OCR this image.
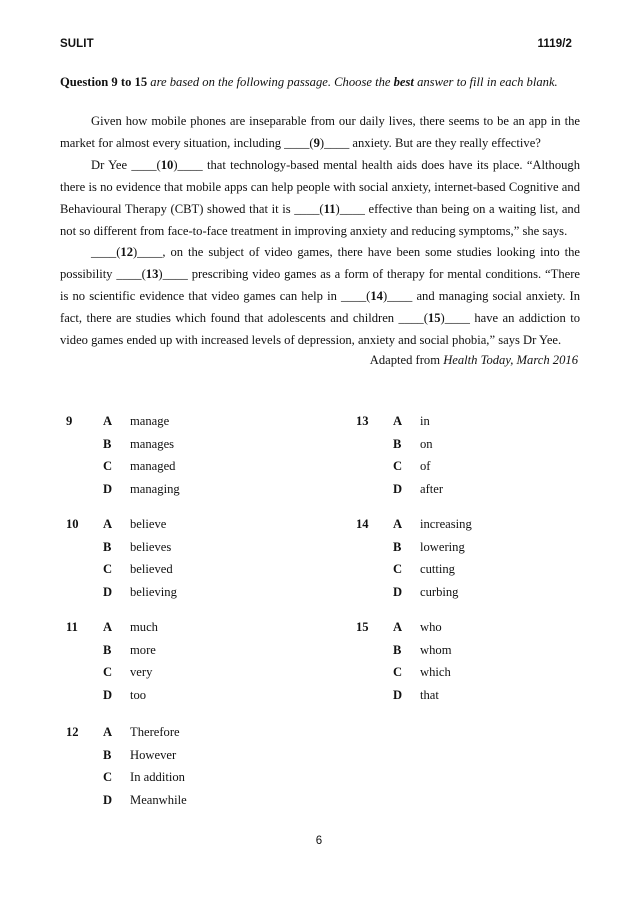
SULIT	1119/2
Question 9 to 15 are based on the following passage. Choose the best answer to fill in each blank.

Given how mobile phones are inseparable from our daily lives, there seems to be an app in the market for almost every situation, including ____(9)____ anxiety. But are they really effective?

Dr Yee ____(10)____ that technology-based mental health aids does have its place. “Although there is no evidence that mobile apps can help people with social anxiety, internet-based Cognitive and Behavioural Therapy (CBT) showed that it is ____(11)____ effective than being on a waiting list, and not so different from face-to-face treatment in improving anxiety and reducing symptoms,” she says.

____(12)____, on the subject of video games, there have been some studies looking into the possibility ____(13)____ prescribing video games as a form of therapy for mental conditions. “There is no scientific evidence that video games can help in ____(14)____ and managing social anxiety. In fact, there are studies which found that adolescents and children ____(15)____ have an addiction to video games ended up with increased levels of depression, anxiety and social phobia,” says Dr Yee.

Adapted from Health Today, March 2016
9 A manage
B manages
C managed
D managing
10 A believe
B believes
C believed
D believing
11 A much
B more
C very
D too
12 A Therefore
B However
C In addition
D Meanwhile
13 A in
B on
C of
D after
14 A increasing
B lowering
C cutting
D curbing
15 A who
B whom
C which
D that
6
